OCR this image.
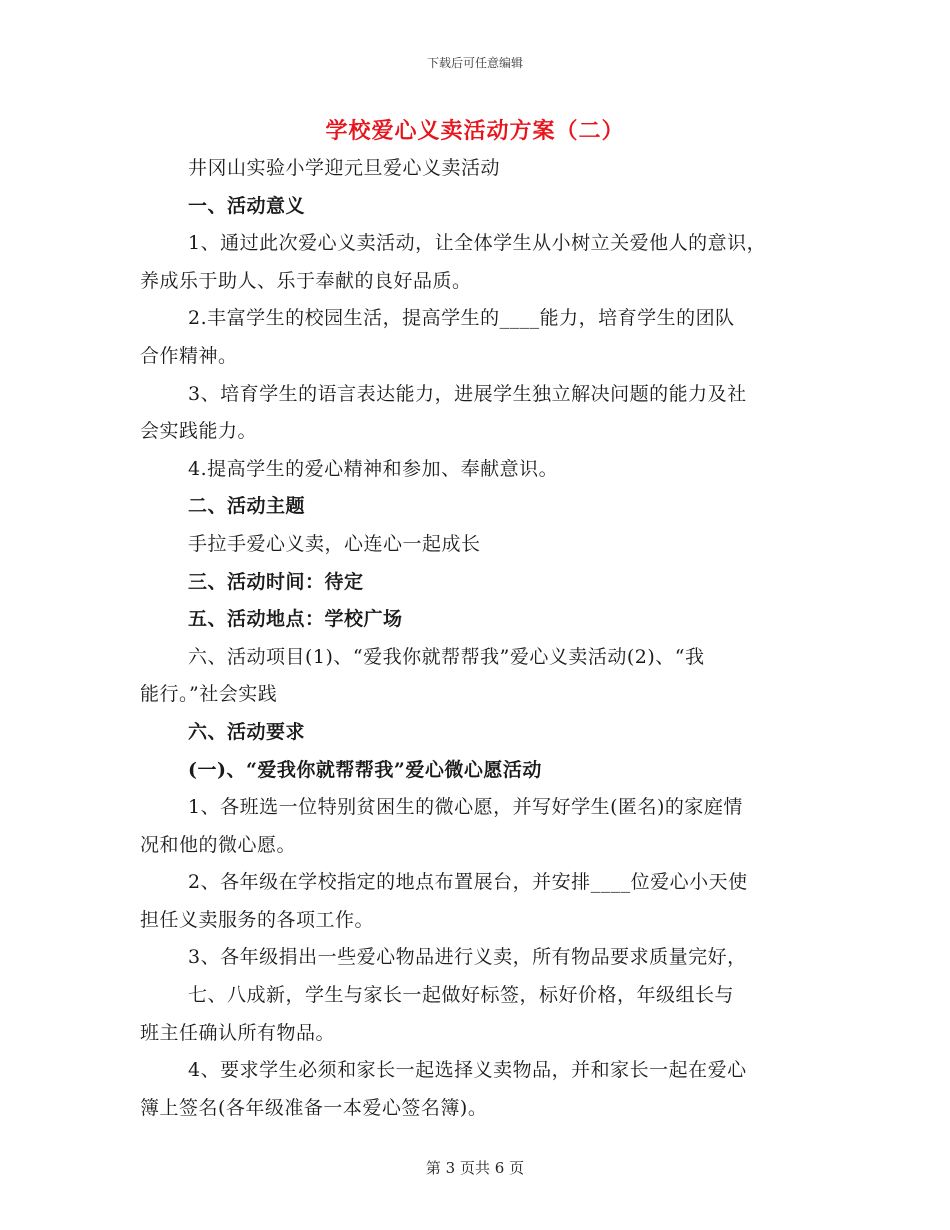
下载后可任意编辑
学校爱心义卖活动方案（二）
井冈山实验小学迎元旦爱心义卖活动
一、活动意义
1、通过此次爱心义卖活动，让全体学生从小树立关爱他人的意识，
养成乐于助人、乐于奉献的良好品质。
2.丰富学生的校园生活，提高学生的____能力，培育学生的团队
合作精神。
3、培育学生的语言表达能力，进展学生独立解决问题的能力及社
会实践能力。
4.提高学生的爱心精神和参加、奉献意识。
二、活动主题
手拉手爱心义卖，心连心一起成长
三、活动时间：待定
五、活动地点：学校广场
六、活动项目(1)、“爱我你就帮帮我”爱心义卖活动(2)、“我
能行。”社会实践
六、活动要求
(一)、“爱我你就帮帮我”爱心微心愿活动
1、各班选一位特别贫困生的微心愿，并写好学生(匿名)的家庭情
况和他的微心愿。
2、各年级在学校指定的地点布置展台，并安排____位爱心小天使
担任义卖服务的各项工作。
3、各年级捐出一些爱心物品进行义卖，所有物品要求质量完好，
七、八成新，学生与家长一起做好标签，标好价格，年级组长与
班主任确认所有物品。
4、要求学生必须和家长一起选择义卖物品，并和家长一起在爱心
簿上签名(各年级准备一本爱心签名簿)。
第 3 页共 6 页
